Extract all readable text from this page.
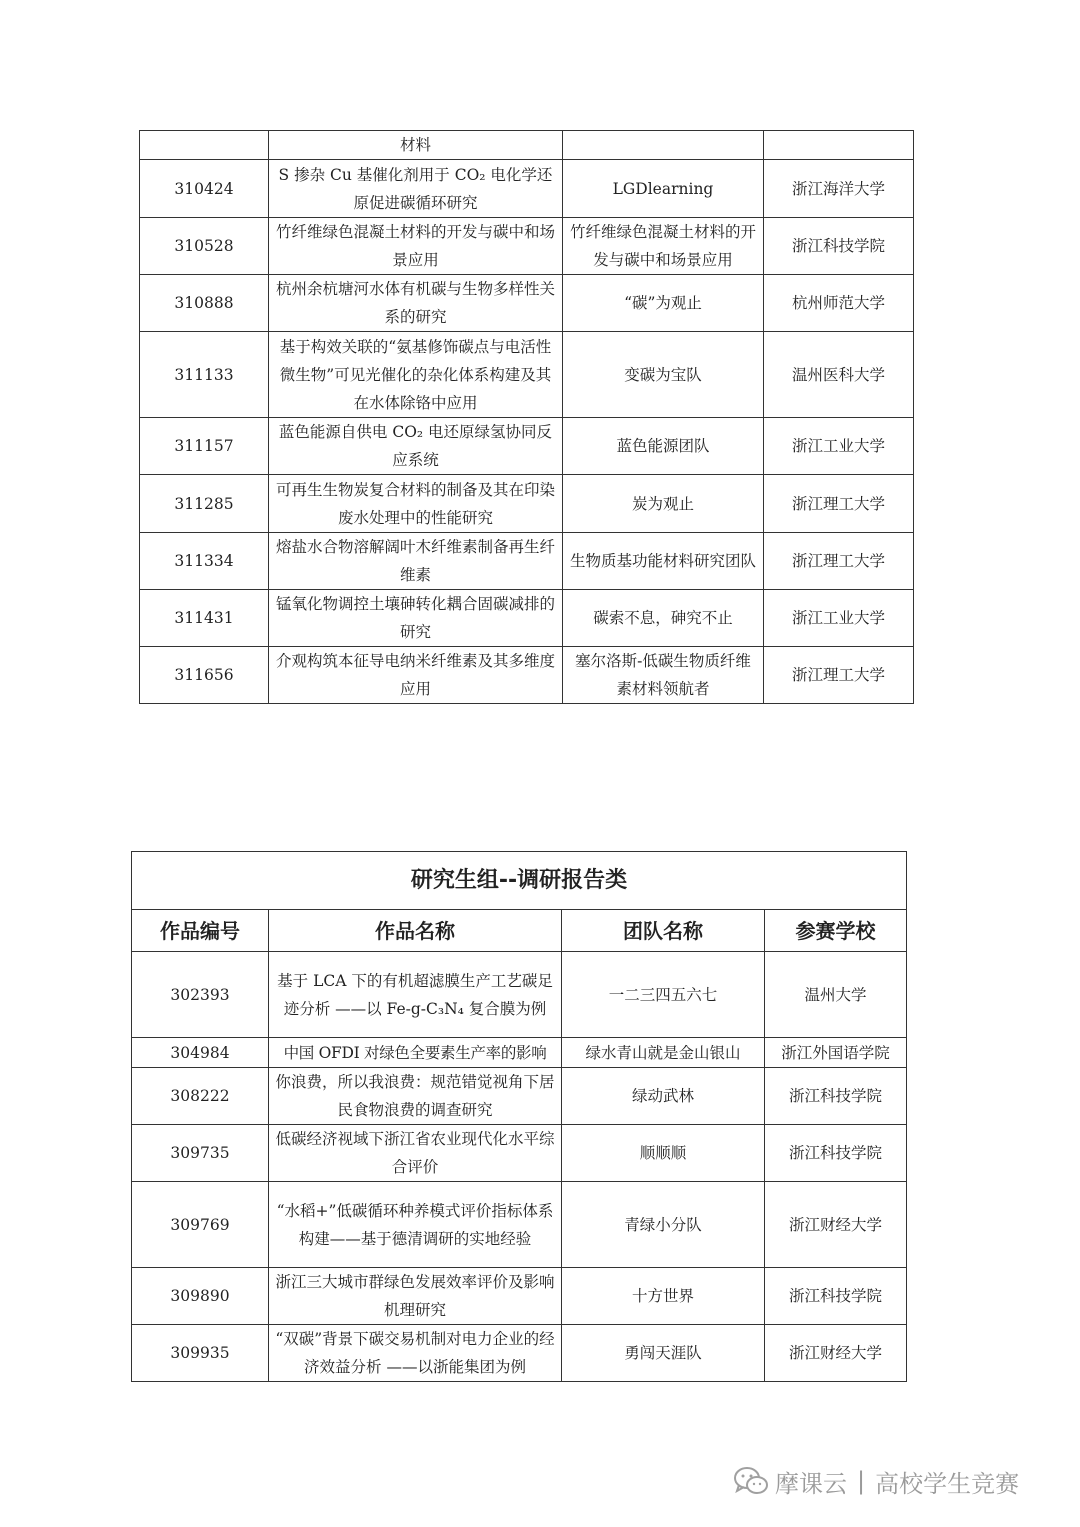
	材料		
310424	S 掺杂 Cu 基催化剂用于 CO₂ 电化学还原促进碳循环研究	LGDlearning	浙江海洋大学
310528	竹纤维绿色混凝土材料的开发与碳中和场景应用	竹纤维绿色混凝土材料的开发与碳中和场景应用	浙江科技学院
310888	杭州余杭塘河水体有机碳与生物多样性关系的研究	“碳”为观止	杭州师范大学
311133	基于构效关联的“氨基修饰碳点与电活性微生物”可见光催化的杂化体系构建及其在水体除铬中应用	变碳为宝队	温州医科大学
311157	蓝色能源自供电 CO₂ 电还原绿氢协同反应系统	蓝色能源团队	浙江工业大学
311285	可再生生物炭复合材料的制备及其在印染废水处理中的性能研究	炭为观止	浙江理工大学
311334	熔盐水合物溶解阔叶木纤维素制备再生纤维素	生物质基功能材料研究团队	浙江理工大学
311431	锰氧化物调控土壤砷转化耦合固碳减排的研究	碳索不息，砷究不止	浙江工业大学
311656	介观构筑本征导电纳米纤维素及其多维度应用	塞尔洛斯-低碳生物质纤维素材料领航者	浙江理工大学
研究生组--调研报告类			
作品编号	作品名称	团队名称	参赛学校
302393	基于 LCA 下的有机超滤膜生产工艺碳足迹分析 ——以 Fe-g-C₃N₄ 复合膜为例	一二三四五六七	温州大学
304984	中国 OFDI 对绿色全要素生产率的影响	绿水青山就是金山银山	浙江外国语学院
308222	你浪费，所以我浪费：规范错觉视角下居民食物浪费的调查研究	绿动武林	浙江科技学院
309735	低碳经济视域下浙江省农业现代化水平综合评价	顺顺顺	浙江科技学院
309769	“水稻+”低碳循环种养模式评价指标体系构建——基于德清调研的实地经验	青绿小分队	浙江财经大学
309890	浙江三大城市群绿色发展效率评价及影响机理研究	十方世界	浙江科技学院
309935	“双碳”背景下碳交易机制对电力企业的经济效益分析 ——以浙能集团为例	勇闯天涯队	浙江财经大学
摩课云 | 高校学生竞赛
